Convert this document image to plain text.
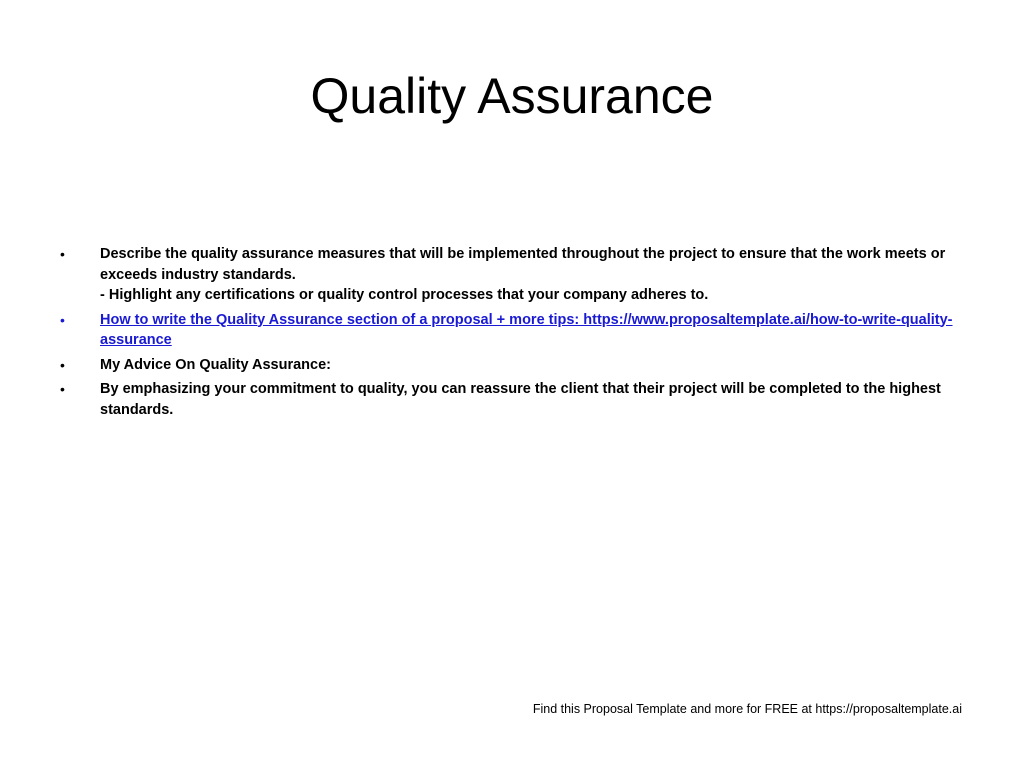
Quality Assurance
• Describe the quality assurance measures that will be implemented throughout the project to ensure that the work meets or exceeds industry standards.
- Highlight any certifications or quality control processes that your company adheres to.
• How to write the Quality Assurance section of a proposal + more tips: https://www.proposaltemplate.ai/how-to-write-quality-assurance
• My Advice On Quality Assurance:
• By emphasizing your commitment to quality, you can reassure the client that their project will be completed to the highest standards.
Find this Proposal Template and more for FREE at https://proposaltemplate.ai
